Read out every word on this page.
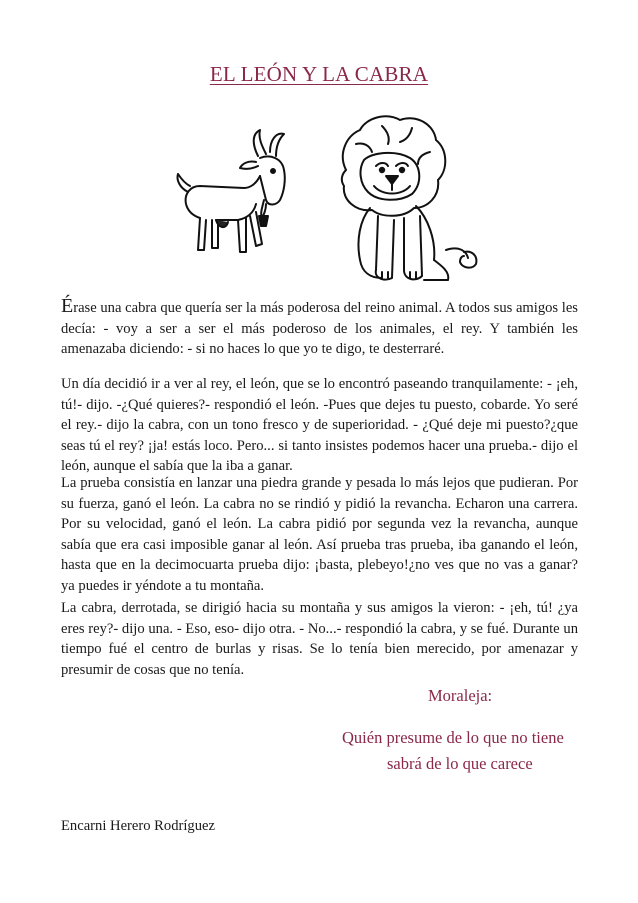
EL LEÓN Y LA CABRA

Érase una cabra que quería ser la más poderosa del reino animal. A todos sus amigos les decía: - voy a ser a ser el más poderoso de los animales, el rey. Y también les amenazaba diciendo: - si no haces lo que yo te digo, te desterraré.

Un día decidió ir a ver al rey, el león, que se lo encontró paseando tranquilamente: - ¡eh, tú!- dijo. -¿Qué quieres?- respondió el león. -Pues que dejes tu puesto, cobarde. Yo seré el rey.- dijo la cabra, con un tono fresco y de superioridad. - ¿Qué deje mi puesto?¿que seas tú el rey? ¡ja! estás loco. Pero... si tanto insistes podemos hacer una prueba.- dijo el león, aunque el sabía que la iba a ganar.

La prueba consistía en lanzar una piedra grande y pesada lo más lejos que pudieran. Por su fuerza, ganó el león. La cabra no se rindió y pidió la revancha. Echaron una carrera. Por su velocidad, ganó el león. La cabra pidió por segunda vez la revancha, aunque sabía que era casi imposible ganar al león. Así prueba tras prueba, iba ganando el león, hasta que en la decimocuarta prueba dijo: ¡basta, plebeyo!¿no ves que no vas a ganar? ya puedes ir yéndote a tu montaña.

La cabra, derrotada, se dirigió hacia su montaña y sus amigos la vieron: - ¡eh, tú! ¿ya eres rey?- dijo una. - Eso, eso- dijo otra. - No...- respondió la cabra, y se fué. Durante un tiempo fué el centro de burlas y risas. Se lo tenía bien merecido, por amenazar y presumir de cosas que no tenía.

Moraleja:
Quién presume de lo que no tiene
sabrá de lo que carece
Encarni Herero Rodríguez
